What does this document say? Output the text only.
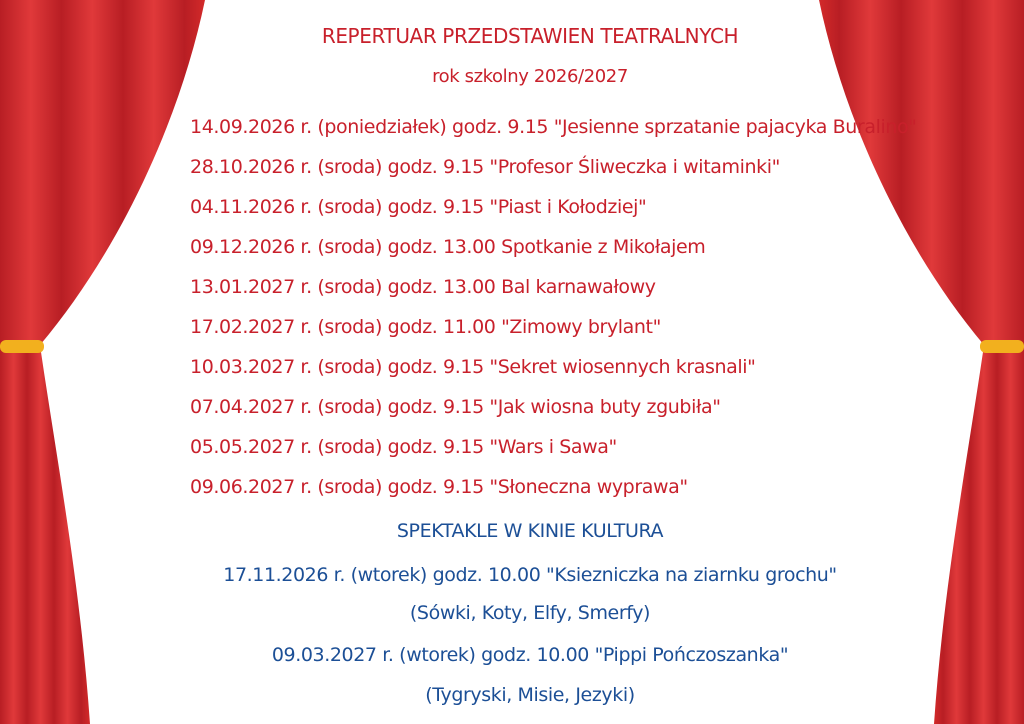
REPERTUAR PRZEDSTAWIEN TEATRALNYCH
rok szkolny 2026/2027
14.09.2026 r. (poniedziałek) godz. 9.15 "Jesienne sprzatanie pajacyka Buralino"
28.10.2026 r. (sroda) godz. 9.15 "Profesor Śliweczka i witaminki"
04.11.2026 r. (sroda) godz. 9.15 "Piast i Kołodziej"
09.12.2026 r. (sroda) godz. 13.00 Spotkanie z Mikołajem
13.01.2027 r. (sroda) godz. 13.00 Bal karnawałowy
17.02.2027 r. (sroda) godz. 11.00 "Zimowy brylant"
10.03.2027 r. (sroda) godz. 9.15 "Sekret wiosennych krasnali"
07.04.2027 r. (sroda) godz. 9.15 "Jak wiosna buty zgubiła"
05.05.2027 r. (sroda) godz. 9.15 "Wars i Sawa"
09.06.2027 r. (sroda) godz. 9.15 "Słoneczna wyprawa"
SPEKTAKLE W KINIE KULTURA
17.11.2026 r. (wtorek) godz. 10.00 "Ksiezniczka na ziarnku grochu"
(Sówki, Koty, Elfy, Smerfy)
09.03.2027 r. (wtorek) godz. 10.00 "Pippi Pończoszanka"
(Tygryski, Misie, Jezyki)
